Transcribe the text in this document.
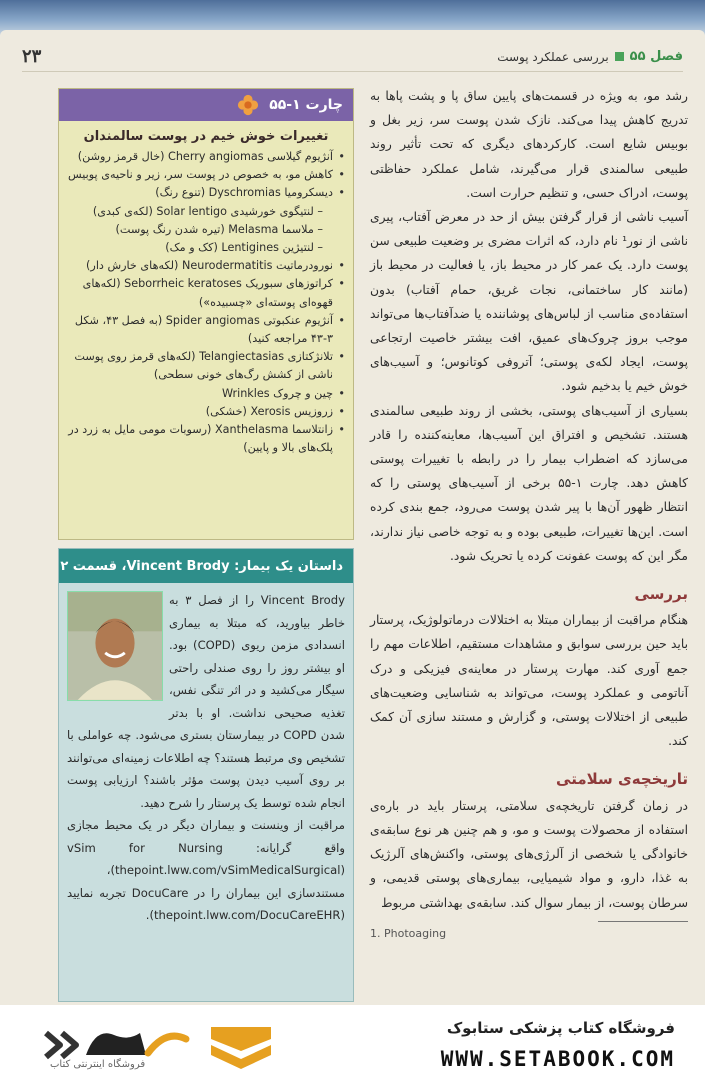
فصل ۵۵
بررسی عملکرد پوست
۲۳

رشد مو، به ویژه در قسمت‌های پایین ساق پا و پشت پاها به تدریج کاهش پیدا می‌کند. نازک شدن پوست سر، زیر بغل و بوبیس شایع است. کارکردهای دیگری که تحت تأثیر روند طبیعی سالمندی قرار می‌گیرند، شامل عملکرد حفاظتی پوست، ادراک حسی، و تنظیم حرارت است.

آسیب ناشی از قرار گرفتن بیش از حد در معرض آفتاب، پیری ناشی از نور¹ نام دارد، که اثرات مضری بر وضعیت طبیعی سن پوست دارد. یک عمر کار در محیط باز، یا فعالیت در محیط باز (مانند کار ساختمانی، نجات غریق، حمام آفتاب) بدون استفاده‌ی مناسب از لباس‌های پوشاننده یا ضدآفتاب‌ها می‌تواند موجب بروز چروک‌های عمیق، افت بیشتر خاصیت ارتجاعی پوست، ایجاد لکه‌ی پوستی؛ آتروفی کوتانوس؛ و آسیب‌های خوش خیم یا بدخیم شود.

بسیاری از آسیب‌های پوستی، بخشی از روند طبیعی سالمندی هستند. تشخیص و افتراق این آسیب‌ها، معاینه‌کننده را قادر می‌سازد که اضطراب بیمار را در رابطه با تغییرات پوستی کاهش دهد. چارت ۱-۵۵ برخی از آسیب‌های پوستی را که انتظار ظهور آن‌ها با پیر شدن پوست می‌رود، جمع بندی کرده است. این‌ها تغییرات، طبیعی بوده و به توجه خاصی نیاز ندارند، مگر این که پوست عفونت کرده یا تحریک شود.

بررسی

هنگام مراقبت از بیماران مبتلا به اختلالات درماتولوژیک، پرستار باید حین بررسی سوابق و مشاهدات مستقیم، اطلاعات مهم را جمع آوری کند. مهارت پرستار در معاینه‌ی فیزیکی و درک آناتومی و عملکرد پوست، می‌تواند به شناسایی وضعیت‌های طبیعی از اختلالات پوستی، و گزارش و مستند سازی آن کمک کند.

تاریخچه‌ی سلامتی

در زمان گرفتن تاریخچه‌ی سلامتی، پرستار باید در باره‌ی استفاده از محصولات پوست و مو، و هم چنین هر نوع سابقه‌ی خانوادگی یا شخصی از آلرژی‌های پوستی، واکنش‌های آلرژیک به غذا، دارو، و مواد شیمیایی، بیماری‌های پوستی قدیمی، و سرطان پوست، از بیمار سوال کند. سابقه‌ی بهداشتی مربوط

1. Photoaging
چارت ۱-۵۵
تغییرات خوش خیم در پوست سالمندان
• آنژیوم گیلاسی Cherry angiomas (خال قرمز روشن)
• کاهش مو، به خصوص در پوست سر، زیر و ناحیه‌ی پوبیس
• دیسکرومیا Dyschromias (تنوع رنگ)
– لنتیگوی خورشیدی Solar lentigo (لکه‌ی کبدی)
– ملاسما Melasma (تیره شدن رنگ پوست)
– لنتیژین Lentigines (کک و مک)
• نورودرماتیت Neurodermatitis (لکه‌های خارش دار)
• کراتوزهای سبوریک Seborrheic keratoses (لکه‌های قهوه‌ای پوسته‌ای «چسبیده»)
• آنژیوم عنکبوتی Spider angiomas (به فصل ۴۳، شکل ۳-۴۳ مراجعه کنید)
• تلانژکتازی Telangiectasias (لکه‌های قرمز روی پوست ناشی از کشش رگ‌های خونی سطحی)
• چین و چروک Wrinkles
• زروزیس Xerosis (خشکی)
• زانتلاسما Xanthelasma (رسوبات مومی مایل به زرد در پلک‌های بالا و پایین)
داستان یک بیمار: Vincent Brody، قسمت ۲

Vincent Brody را از فصل ۳ به خاطر بیاورید، که مبتلا به بیماری انسدادی مزمن ریوی (COPD) بود. او بیشتر روز را روی صندلی راحتی سیگار می‌کشید و در اثر تنگی نفس، تغذیه صحیحی نداشت. او با بدتر شدن COPD در بیمارستان بستری می‌شود. چه عواملی با تشخیص وی مرتبط هستند؟ چه اطلاعات زمینه‌ای می‌توانند بر روی آسیب دیدن پوست مؤثر باشند؟ ارزیابی پوست انجام شده توسط یک پرستار را شرح دهید.

مراقبت از وینسنت و بیماران دیگر در یک محیط مجازی واقع گرایانه: vSim for Nursing (thepoint.lww.com/vSimMedicalSurgical)، مستندسازی این بیماران را در DocuCare تجربه نمایید (thepoint.lww.com/DocuCareEHR).

فروشگاه اینترنتی کتاب
فروشگاه کتاب پزشکی ستابوک
WWW.SETABOOK.COM
